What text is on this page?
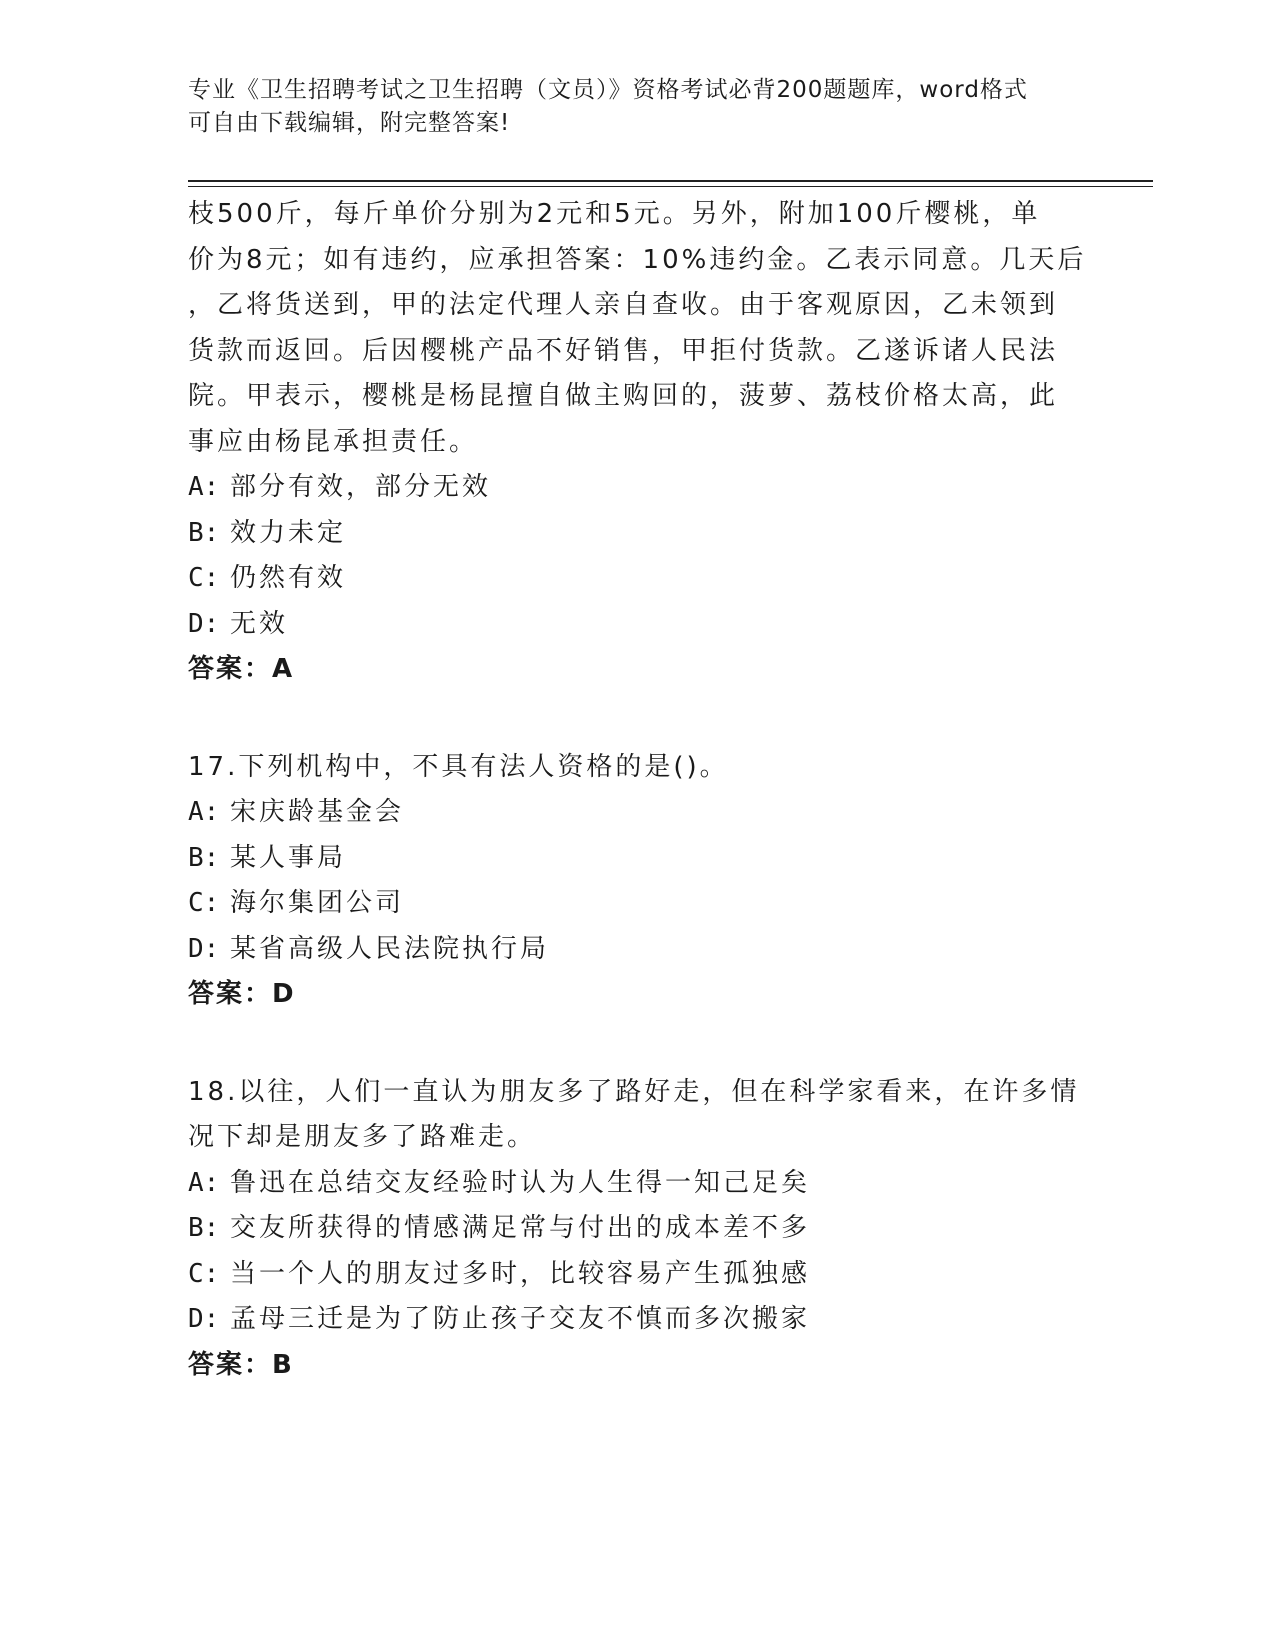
专业《卫生招聘考试之卫生招聘（文员）》资格考试必背200题题库，word格式
可自由下载编辑，附完整答案!

枝500斤，每斤单价分别为2元和5元。另外，附加100斤樱桃，单

价为8元；如有违约，应承担答案：10%违约金。乙表示同意。几天后

，乙将货送到，甲的法定代理人亲自查收。由于客观原因，乙未领到

货款而返回。后因樱桃产品不好销售，甲拒付货款。乙遂诉诸人民法

院。甲表示，樱桃是杨昆擅自做主购回的，菠萝、荔枝价格太高，此

事应由杨昆承担责任。

A: 部分有效，部分无效

B: 效力未定

C: 仍然有效

D: 无效

答案：A

17.下列机构中，不具有法人资格的是()。

A: 宋庆龄基金会

B: 某人事局

C: 海尔集团公司

D: 某省高级人民法院执行局

答案：D

18.以往，人们一直认为朋友多了路好走，但在科学家看来，在许多情

况下却是朋友多了路难走。

A: 鲁迅在总结交友经验时认为人生得一知己足矣

B: 交友所获得的情感满足常与付出的成本差不多

C: 当一个人的朋友过多时，比较容易产生孤独感

D: 孟母三迁是为了防止孩子交友不慎而多次搬家

答案：B
